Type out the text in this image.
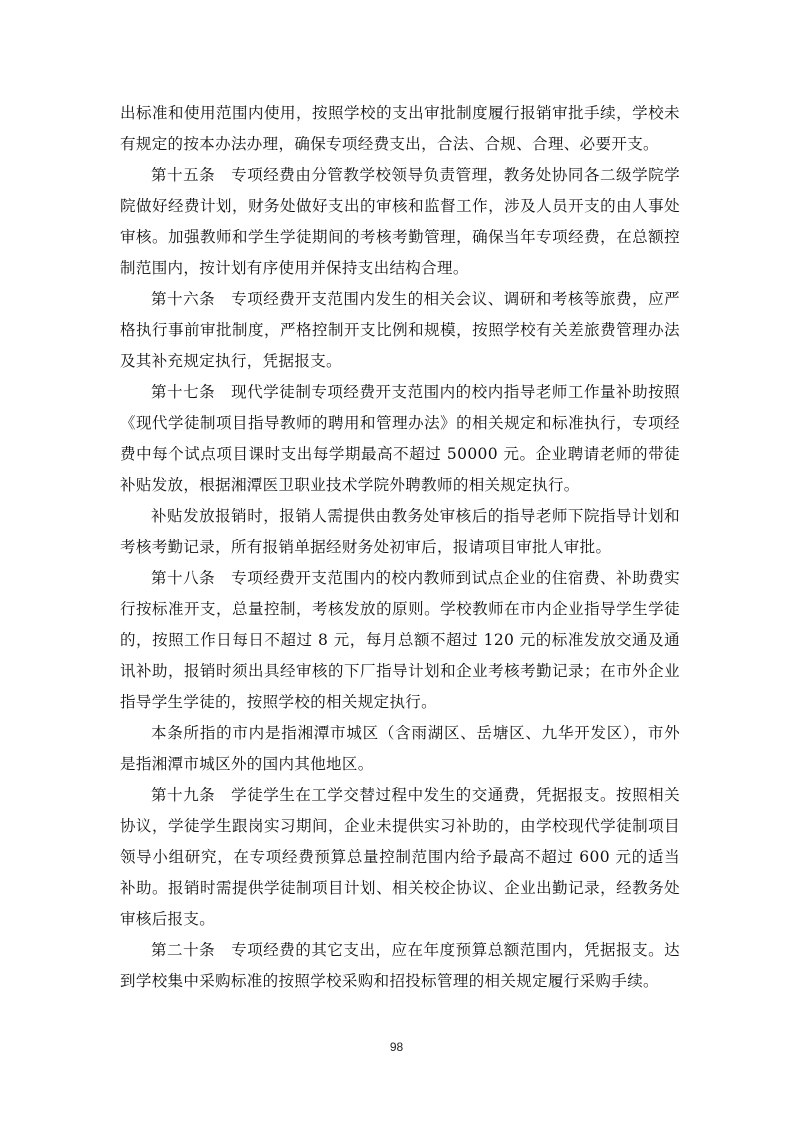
出标准和使用范围内使用，按照学校的支出审批制度履行报销审批手续，学校未有规定的按本办法办理，确保专项经费支出，合法、合规、合理、必要开支。

第十五条　专项经费由分管教学校领导负责管理，教务处协同各二级学院学院做好经费计划，财务处做好支出的审核和监督工作，涉及人员开支的由人事处审核。加强教师和学生学徒期间的考核考勤管理，确保当年专项经费，在总额控制范围内，按计划有序使用并保持支出结构合理。

第十六条　专项经费开支范围内发生的相关会议、调研和考核等旅费，应严格执行事前审批制度，严格控制开支比例和规模，按照学校有关差旅费管理办法及其补充规定执行，凭据报支。

第十七条　现代学徒制专项经费开支范围内的校内指导老师工作量补助按照《现代学徒制项目指导教师的聘用和管理办法》的相关规定和标准执行，专项经费中每个试点项目课时支出每学期最高不超过 50000 元。企业聘请老师的带徒补贴发放，根据湘潭医卫职业技术学院外聘教师的相关规定执行。

补贴发放报销时，报销人需提供由教务处审核后的指导老师下院指导计划和考核考勤记录，所有报销单据经财务处初审后，报请项目审批人审批。

第十八条　专项经费开支范围内的校内教师到试点企业的住宿费、补助费实行按标准开支，总量控制，考核发放的原则。学校教师在市内企业指导学生学徒的，按照工作日每日不超过 8 元，每月总额不超过 120 元的标准发放交通及通讯补助，报销时须出具经审核的下厂指导计划和企业考核考勤记录；在市外企业指导学生学徒的，按照学校的相关规定执行。

本条所指的市内是指湘潭市城区（含雨湖区、岳塘区、九华开发区），市外是指湘潭市城区外的国内其他地区。

第十九条　学徒学生在工学交替过程中发生的交通费，凭据报支。按照相关协议，学徒学生跟岗实习期间，企业未提供实习补助的，由学校现代学徒制项目领导小组研究，在专项经费预算总量控制范围内给予最高不超过 600 元的适当补助。报销时需提供学徒制项目计划、相关校企协议、企业出勤记录，经教务处审核后报支。

第二十条　专项经费的其它支出，应在年度预算总额范围内，凭据报支。达到学校集中采购标准的按照学校采购和招投标管理的相关规定履行采购手续。

98
